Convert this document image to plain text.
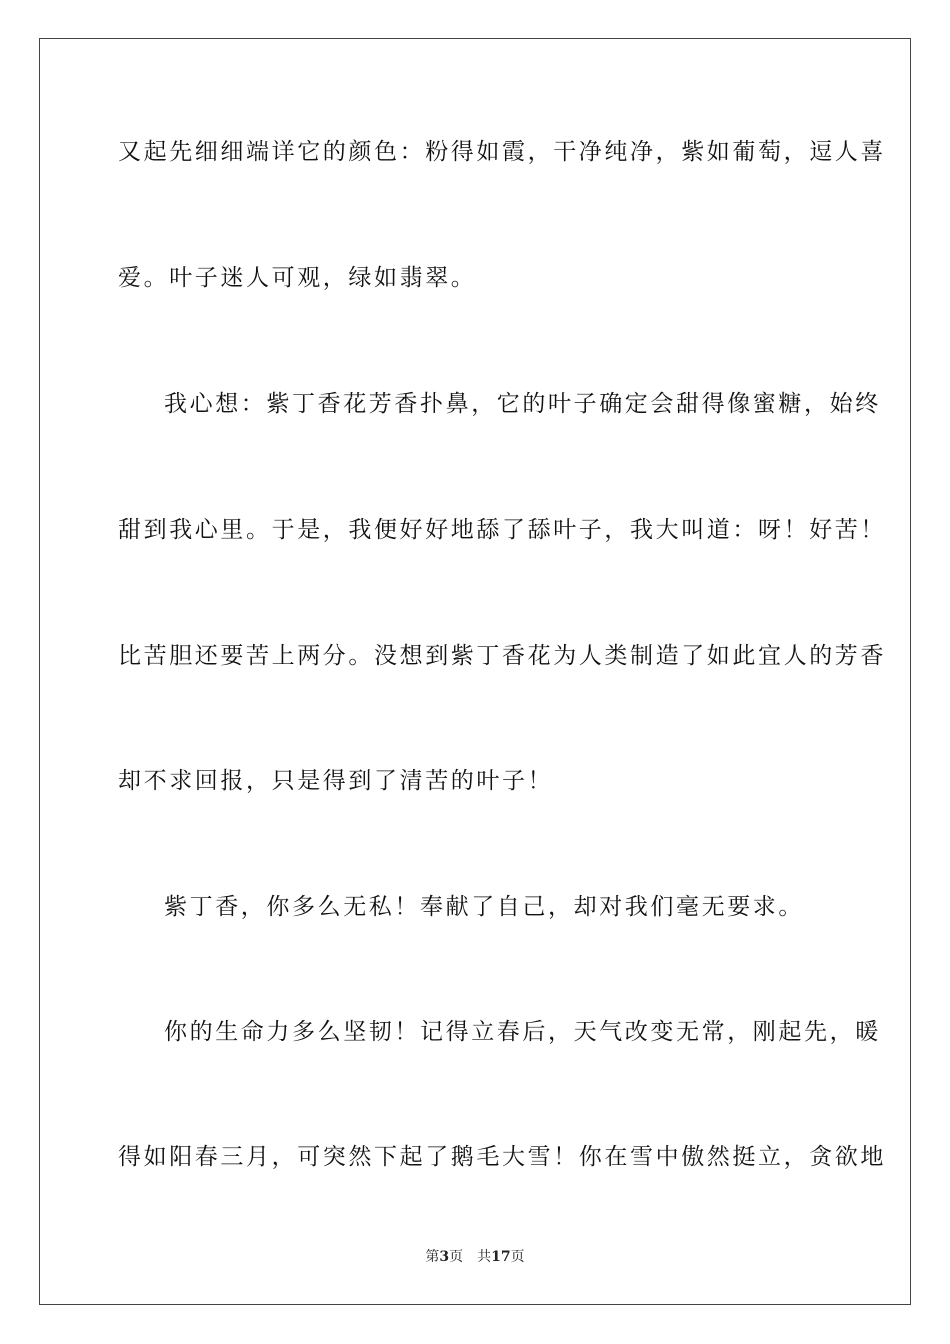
又起先细细端详它的颜色：粉得如霞，干净纯净，紫如葡萄，逗人喜
爱。叶子迷人可观，绿如翡翠。
我心想：紫丁香花芳香扑鼻，它的叶子确定会甜得像蜜糖，始终
甜到我心里。于是，我便好好地舔了舔叶子，我大叫道：呀！好苦！
比苦胆还要苦上两分。没想到紫丁香花为人类制造了如此宜人的芳香
却不求回报，只是得到了清苦的叶子！
紫丁香，你多么无私！奉献了自己，却对我们毫无要求。
你的生命力多么坚韧！记得立春后，天气改变无常，刚起先，暖
得如阳春三月，可突然下起了鹅毛大雪！你在雪中傲然挺立，贪欲地
第3页 共17页
